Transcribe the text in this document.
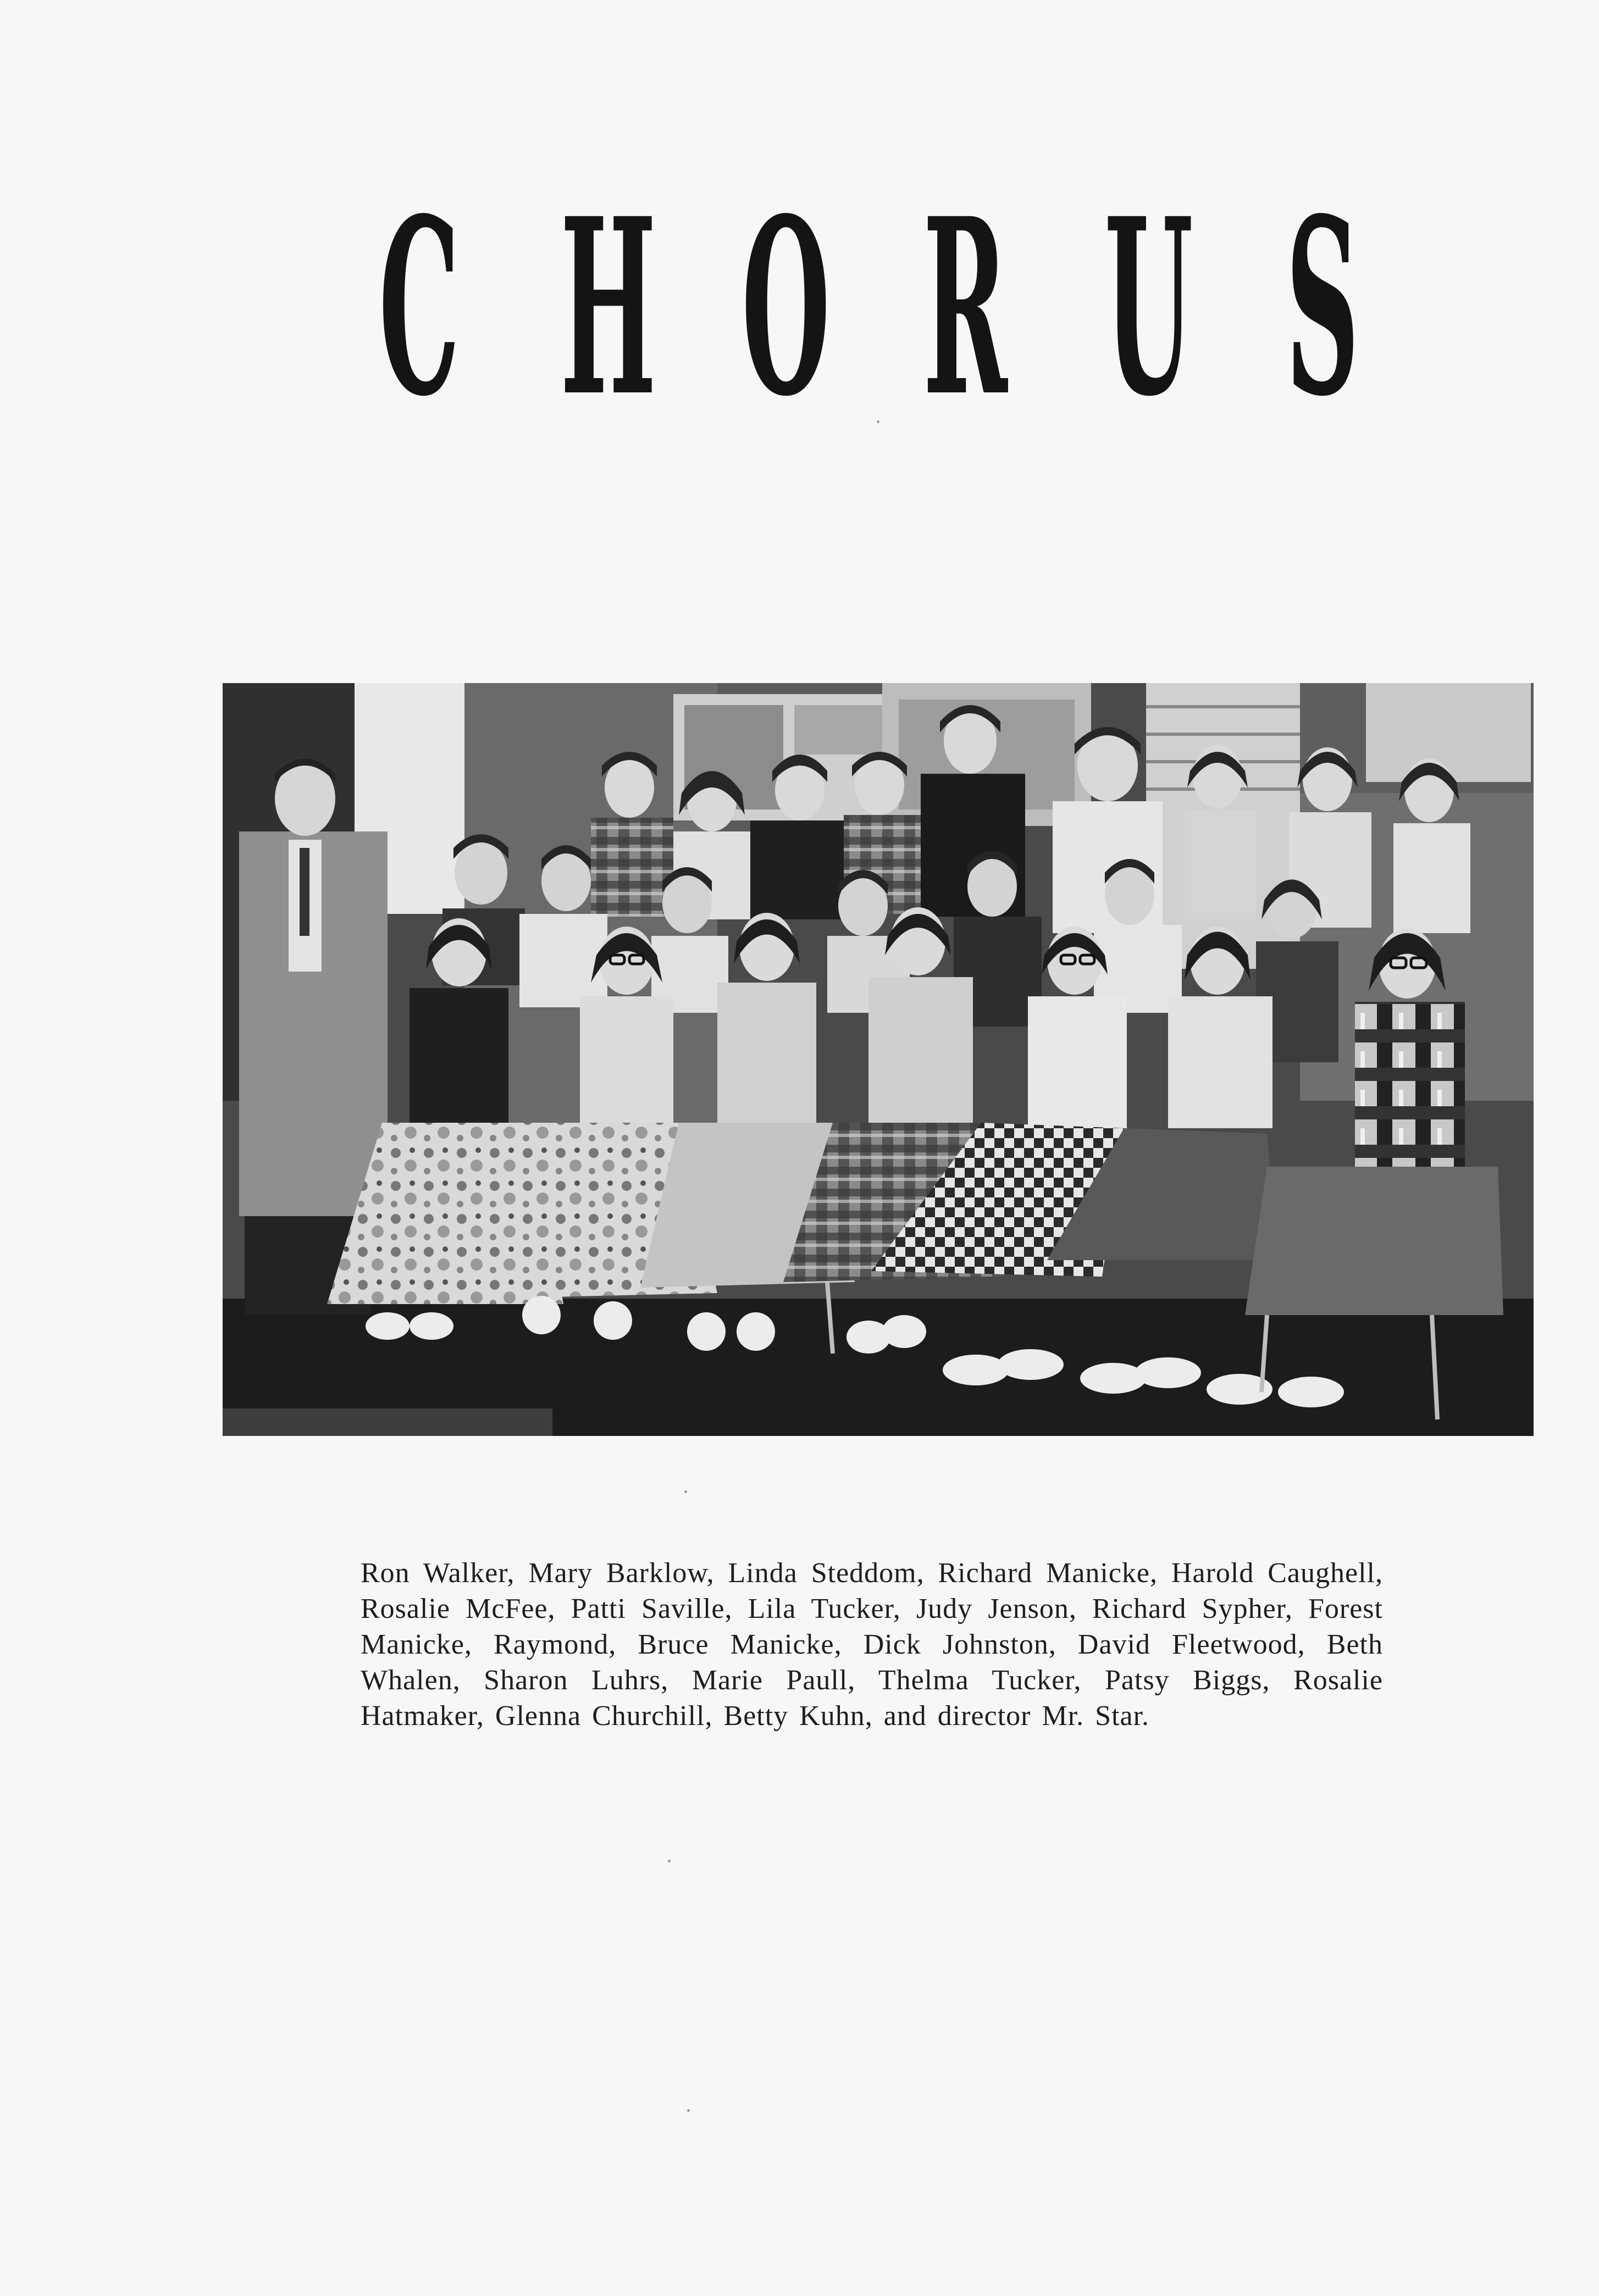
C H O R U S
Ron Walker, Mary Barklow, Linda Steddom, Richard Manicke, Harold Caughell, Rosalie McFee, Patti Saville, Lila Tucker, Judy Jenson, Richard Sypher, Forest Manicke, Raymond, Bruce Manicke, Dick Johnston, David Fleetwood, Beth Whalen, Sharon Luhrs, Marie Paull, Thelma Tucker, Patsy Biggs, Rosalie Hatmaker, Glenna Churchill, Betty Kuhn, and director Mr. Star.
